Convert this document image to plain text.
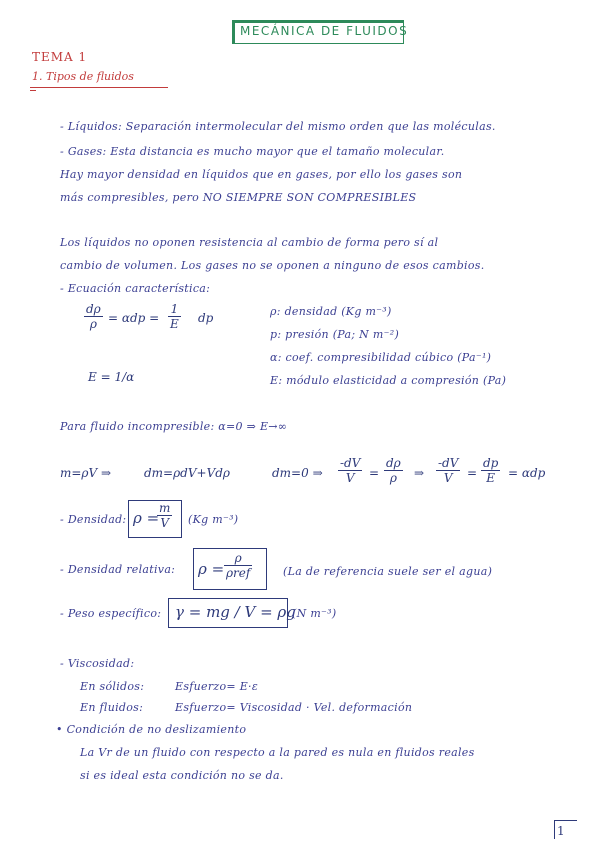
MECÁNICA DE FLUIDOS
TEMA 1
1. Tipos de fluidos
- Líquidos: Separación intermolecular del mismo orden que las moléculas.
- Gases: Esta distancia es mucho mayor que el tamaño molecular.
Hay mayor densidad en líquidos que en gases, por ello los gases son
más compresibles, pero NO SIEMPRE SON COMPRESIBLES
Los líquidos no oponen resistencia al cambio de forma pero sí al
cambio de volumen. Los gases no se oponen a ninguno de esos cambios.
- Ecuación característica:
$\frac{d\rho}{\rho} = \alpha dp = \frac{1}{E}$ dp
E = 1/α
ρ: densidad (Kg m⁻³)
p: presión (Pa; N m⁻²)
α: coef. compresibilidad cúbico (Pa⁻¹)
E: módulo elasticidad a compresión (Pa)
Para fluido incompresible: α=0 ⇒ E→∞
m=ρV ⇒	dm=ρdV+Vdρ	dm=0 ⇒ $\frac{-dV}{V} = \frac{d\rho}{\rho}$ ⇒ $\frac{-dV}{V} = \frac{dp}{E} = \alpha dp$
- Densidad: ρ =
$\frac{m}{V} (Kg$ m⁻³)
- Densidad relativa: ρ =
ρ
ρref	(La de referencia suele ser el agua)
- Peso específico: γ = mg / V = ρg
(N m⁻³)
- Viscosidad:
En sólidos:	Esfuerzo= E·ε
En fluidos:	Esfuerzo= Viscosidad · Vel. deformación
• Condición de no deslizamiento
La Vr de un fluido con respecto a la pared es nula en fluidos reales
si es ideal esta condición no se da.
1
